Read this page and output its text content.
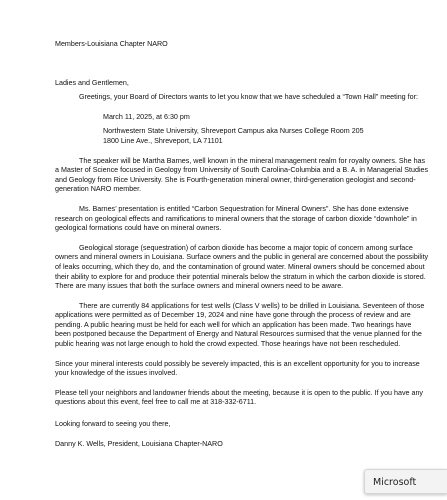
Members-Louisiana Chapter NARO
Ladies and Gentlemen,

Greetings, your Board of Directors wants to let you know that we have scheduled a “Town Hall” meeting for:

March 11, 2025, at 6:30 pm
Northwestern State University, Shreveport Campus aka Nurses College Room 205
1800 Line Ave., Shreveport, LA 71101

The speaker will be Martha Barnes, well known in the mineral management realm for royalty owners. She has a Master of Science focused in Geology from University of South Carolina-Columbia and a B. A. in Managerial Studies and Geology from Rice University. She is Fourth-generation mineral owner, third-generation geologist and second-generation NARO member.

Ms. Barnes’ presentation is entitled “Carbon Sequestration for Mineral Owners”. She has done extensive research on geological effects and ramifications to mineral owners that the storage of carbon dioxide “downhole” in geological formations could have on mineral owners.

Geological storage (sequestration) of carbon dioxide has become a major topic of concern among surface owners and mineral owners in Louisiana. Surface owners and the public in general are concerned about the possibility of leaks occurring, which they do, and the contamination of ground water. Mineral owners should be concerned about their ability to explore for and produce their potential minerals below the stratum in which the carbon dioxide is stored. There are many issues that both the surface owners and mineral owners need to be aware.

There are currently 84 applications for test wells (Class V wells) to be drilled in Louisiana. Seventeen of those applications were permitted as of December 19, 2024 and nine have gone through the process of review and are pending. A public hearing must be held for each well for which an application has been made. Two hearings have been postponed because the Department of Energy and Natural Resources surmised that the venue planned for the public hearing was not large enough to hold the crowd expected. Those hearings have not been rescheduled.

Since your mineral interests could possibly be severely impacted, this is an excellent opportunity for you to increase your knowledge of the issues involved.

Please tell your neighbors and landowner friends about the meeting, because it is open to the public. If you have any questions about this event, feel free to call me at 318-332-6711.

Looking forward to seeing you there,
Danny K. Wells, President, Louisiana Chapter-NARO
Microsoft
